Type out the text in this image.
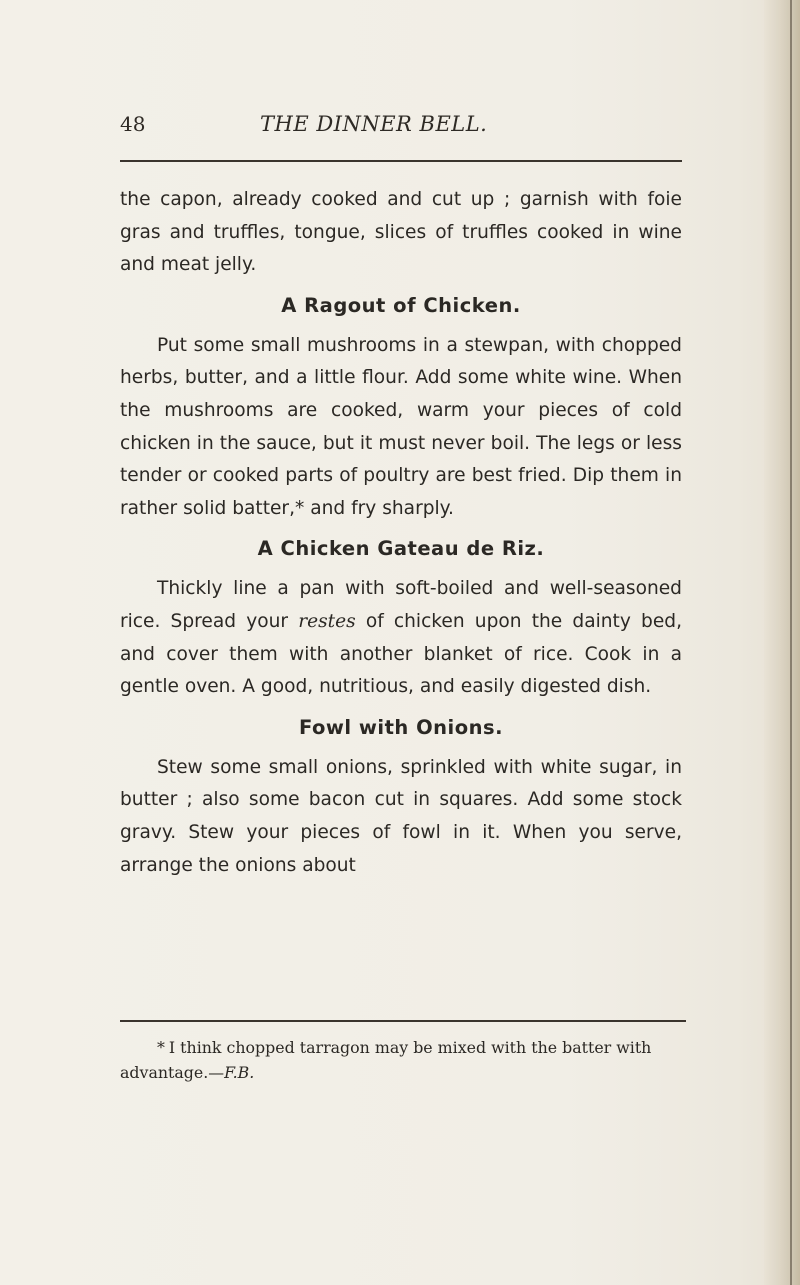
48	THE DINNER BELL.

the capon, already cooked and cut up ; garnish with foie gras and truffles, tongue, slices of truffles cooked in wine and meat jelly.

A Ragout of Chicken.

Put some small mushrooms in a stewpan, with chopped herbs, butter, and a little flour. Add some white wine. When the mushrooms are cooked, warm your pieces of cold chicken in the sauce, but it must never boil. The legs or less tender or cooked parts of poultry are best fried. Dip them in rather solid batter,* and fry sharply.

A Chicken Gateau de Riz.

Thickly line a pan with soft-boiled and well-seasoned rice. Spread your restes of chicken upon the dainty bed, and cover them with another blanket of rice. Cook in a gentle oven. A good, nutritious, and easily digested dish.

Fowl with Onions.

Stew some small onions, sprinkled with white sugar, in butter ; also some bacon cut in squares. Add some stock gravy. Stew your pieces of fowl in it. When you serve, arrange the onions about

* I think chopped tarragon may be mixed with the batter with advantage.—F.B.
